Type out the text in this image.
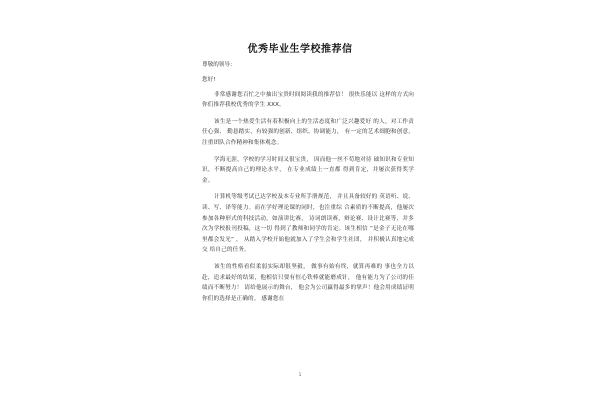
优秀毕业生学校推荐信

尊敬的领导：

您好!

非常感谢您百忙之中抽出宝贵时间阅读我的推荐信！ 很快乐能以 这样的方式向你们推荐我校优秀的学生 XXX。

该生是一个热爱生活有着积极向上的生活态度和广泛兴趣爱好 的人，对工作责任心强、 勤恳踏实，有较强的创新、组织、协调能力， 有一定的艺术细胞和创意，注重团队合作精神和集体观念。

学海无涯，学校的学习时间又很宝贵， 因而他一丝不苟地对待 础知识和专业知识，不断提高自己的理论水平， 在专业成绩上一直都 得到肯定，并屡次获得奖学金。

计算机等级考试已达学校及本专业所手册规范， 并且具备较好的 英语听、说、读、写、译等能力。而在学好理论课的同时，也注重综 合素质的不断提高，他屡次参加各种形式的科技活动，如演讲比赛， 诗词朗读赛，辩论赛、设计比赛等，并多次为学校报刊投稿，这一切 得到了教师和同学的肯定。该生相信 “是金子无论在哪里都会发光” ， 从踏入学校开始他就加入了学生会和学生社团， 并积极认真地完成交 给自己的任务。

该生的性格看似柔弱实际却很坚毅， 做事有始有终，就算再难的 事也全力以赴，追求最好的结果，他相信只要有恒心铁棒就能磨成针， 他有能力为了公司的佳绩而不断努力！ 请给他展示的舞台， 他会为公司赢得最多的掌声！他会用成绩证明你们的选择是正确的。 感谢您在

1
